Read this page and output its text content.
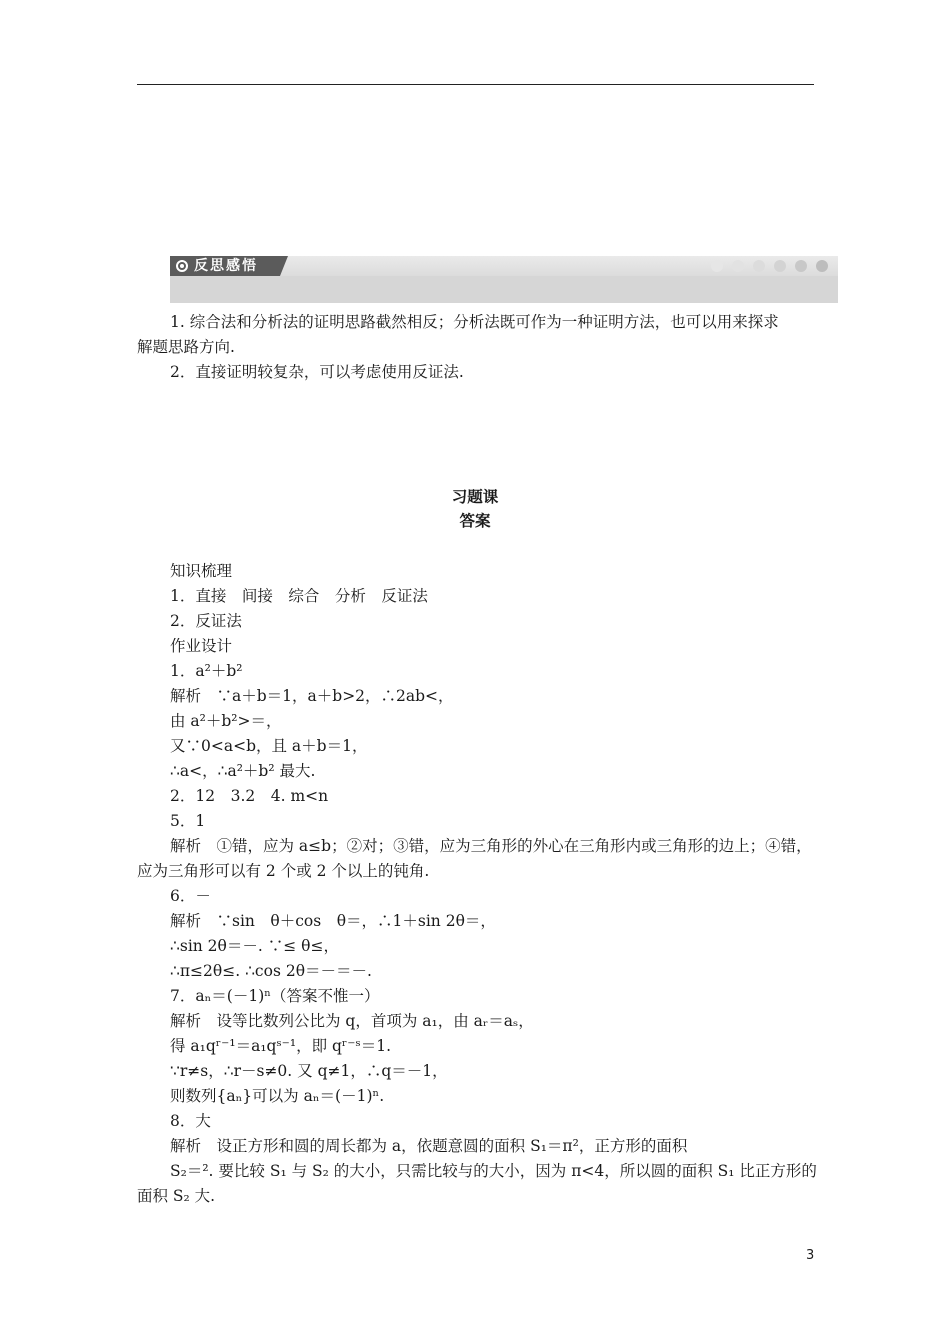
反思感悟
1. 综合法和分析法的证明思路截然相反；分析法既可作为一种证明方法，也可以用来探求
解题思路方向.
2．直接证明较复杂，可以考虑使用反证法.
习题课
答案
知识梳理
1．直接　间接　综合　分析　反证法
2．反证法
作业设计
1．a²＋b²
解析　∵a＋b＝1，a＋b>2，∴2ab<，
由 a²＋b²>＝，
又∵0<a<b，且 a＋b＝1，
∴a<，∴a²＋b² 最大.
2．12　3.2　4. m<n
5．1
解析　①错，应为 a≤b；②对；③错，应为三角形的外心在三角形内或三角形的边上；④错，
应为三角形可以有 2 个或 2 个以上的钝角.
6．－
解析　∵sin　θ＋cos　θ＝，∴1＋sin 2θ＝，
∴sin 2θ＝－. ∵≤ θ≤，
∴π≤2θ≤. ∴cos 2θ＝－＝－.
7．aₙ＝(－1)ⁿ（答案不惟一）
解析　设等比数列公比为 q，首项为 a₁，由 aᵣ＝aₛ，
得 a₁qʳ⁻¹＝a₁qˢ⁻¹，即 qʳ⁻ˢ＝1.
∵r≠s，∴r－s≠0. 又 q≠1，∴q＝－1，
则数列{aₙ}可以为 aₙ＝(－1)ⁿ.
8．大
解析　设正方形和圆的周长都为 a，依题意圆的面积 S₁＝π²，正方形的面积
S₂＝². 要比较 S₁ 与 S₂ 的大小，只需比较与的大小，因为 π<4，所以圆的面积 S₁ 比正方形的
面积 S₂ 大.
3
